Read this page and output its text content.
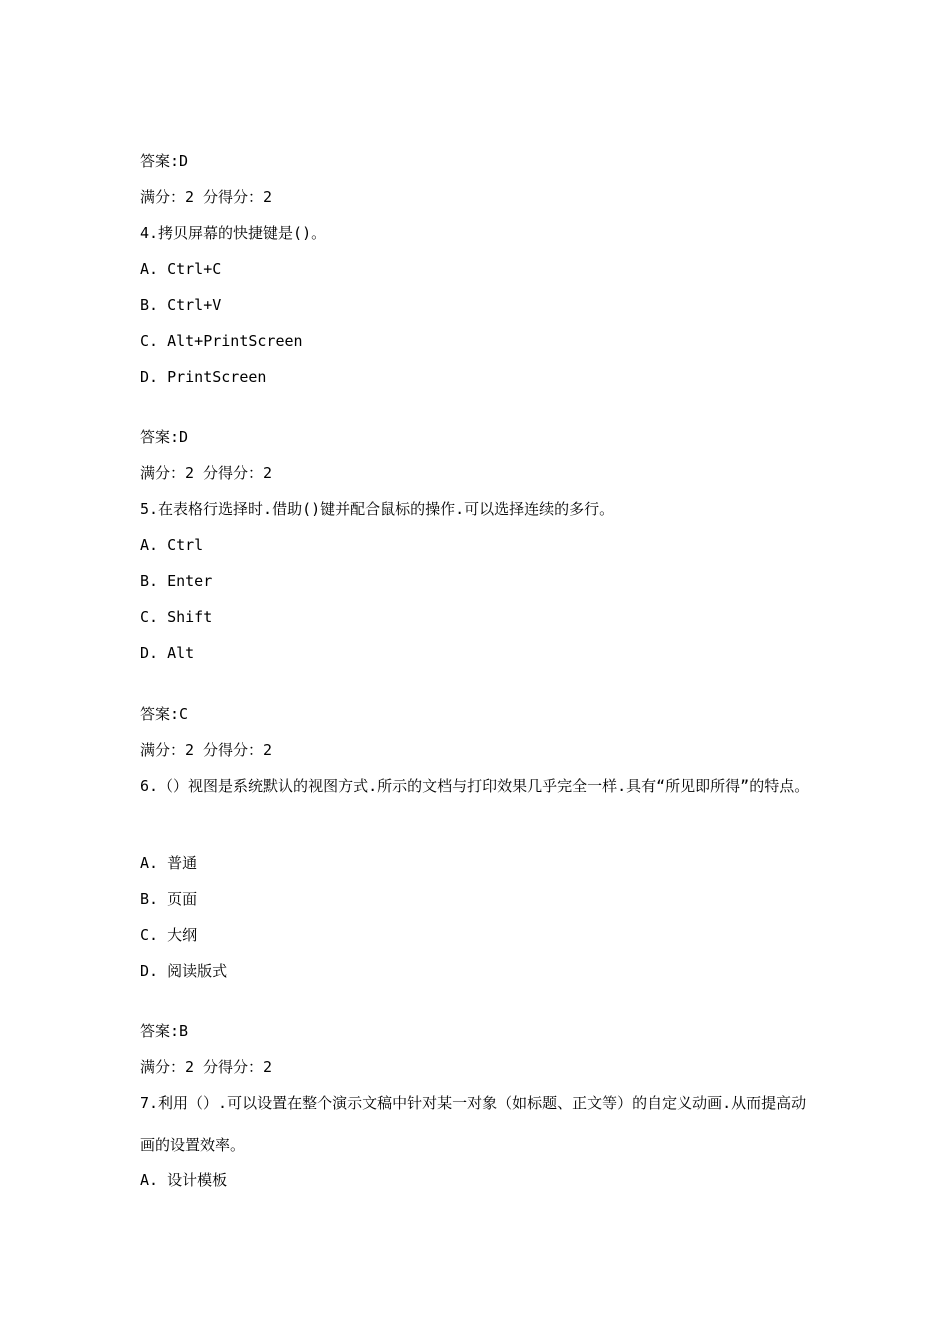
答案:D
满分：2 分得分：2
4.拷贝屏幕的快捷键是()。
A. Ctrl+C
B. Ctrl+V
C. Alt+PrintScreen
D. PrintScreen
答案:D
满分：2 分得分：2
5.在表格行选择时.借助()键并配合鼠标的操作.可以选择连续的多行。
A. Ctrl
B. Enter
C. Shift
D. Alt
答案:C
满分：2 分得分：2
6.（）视图是系统默认的视图方式.所示的文档与打印效果几乎完全一样.具有“所见即所得”的特点。
A. 普通
B. 页面
C. 大纲
D. 阅读版式
答案:B
满分：2 分得分：2
7.利用（）.可以设置在整个演示文稿中针对某一对象（如标题、正文等）的自定义动画.从而提高动画的设置效率。
A. 设计模板
